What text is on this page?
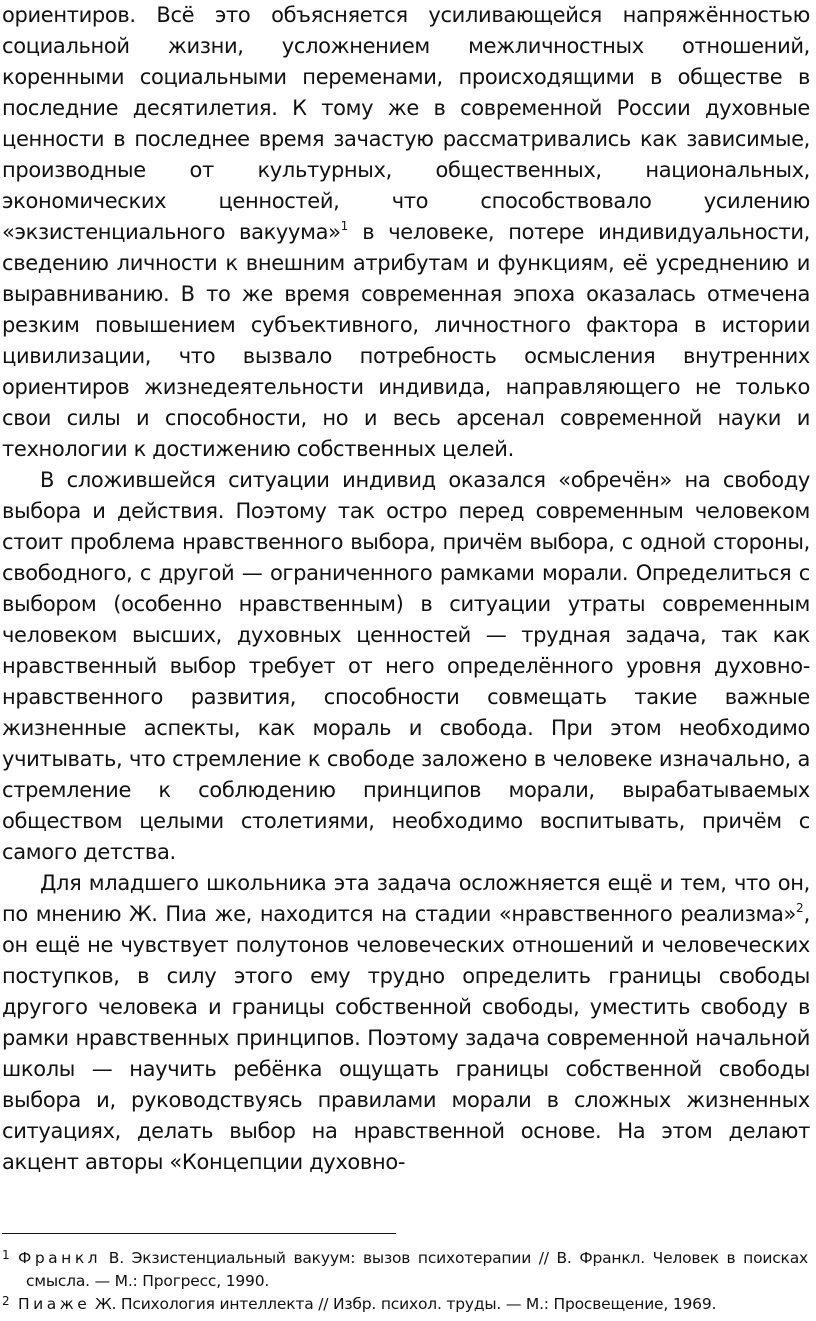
ориентиров. Всё это объясняется усиливающейся напряжённостью социальной жизни, усложнением межличностных отношений, коренными социальными переменами, происходящими в обществе в последние десятилетия. К тому же в современной России духовные ценности в последнее время зачастую рассматривались как зависимые, производные от культурных, общественных, национальных, экономических ценностей, что способствовало усилению «экзистенциального вакуума»$^1$ в человеке, потере индивидуальности, сведению личности к внешним атрибутам и функциям, её усреднению и выравниванию. В то же время современная эпоха оказалась отмечена резким повышением субъективного, личностного фактора в истории цивилизации, что вызвало потребность осмысления внутренних ориентиров жизнедеятельности индивида, направляющего не только свои силы и способности, но и весь арсенал современной науки и технологии к достижению собственных целей.

В сложившейся ситуации индивид оказался «обречён» на свободу выбора и действия. Поэтому так остро перед современным человеком стоит проблема нравственного выбора, причём выбора, с одной стороны, свободного, с другой — ограниченного рамками морали. Определиться с выбором (особенно нравственным) в ситуации утраты современным человеком высших, духовных ценностей — трудная задача, так как нравственный выбор требует от него определённого уровня духовно-нравственного развития, способности совмещать такие важные жизненные аспекты, как мораль и свобода. При этом необходимо учитывать, что стремление к свободе заложено в человеке изначально, а стремление к соблюдению принципов морали, вырабатываемых обществом целыми столетиями, необходимо воспитывать, причём с самого детства.

Для младшего школьника эта задача осложняется ещё и тем, что он, по мнению Ж. Пиа же, находится на стадии «нравственного реализма»$^2$, он ещё не чувствует полутонов человеческих отношений и человеческих поступков, в силу этого ему трудно определить границы свободы другого человека и границы собственной свободы, уместить свободу в рамки нравственных принципов. Поэтому задача современной начальной школы — научить ребёнка ощущать границы собственной свободы выбора и, руководствуясь правилами морали в сложных жизненных ситуациях, делать выбор на нравственной основе. На этом делают акцент авторы «Концепции духовно-

1 Франкл В. Экзистенциальный вакуум: вызов психотерапии // В. Франкл. Человек в поисках смысла. — М.: Прогресс, 1990.

2 Пиаже Ж. Психология интеллекта // Избр. психол. труды. — М.: Просвещение, 1969.
